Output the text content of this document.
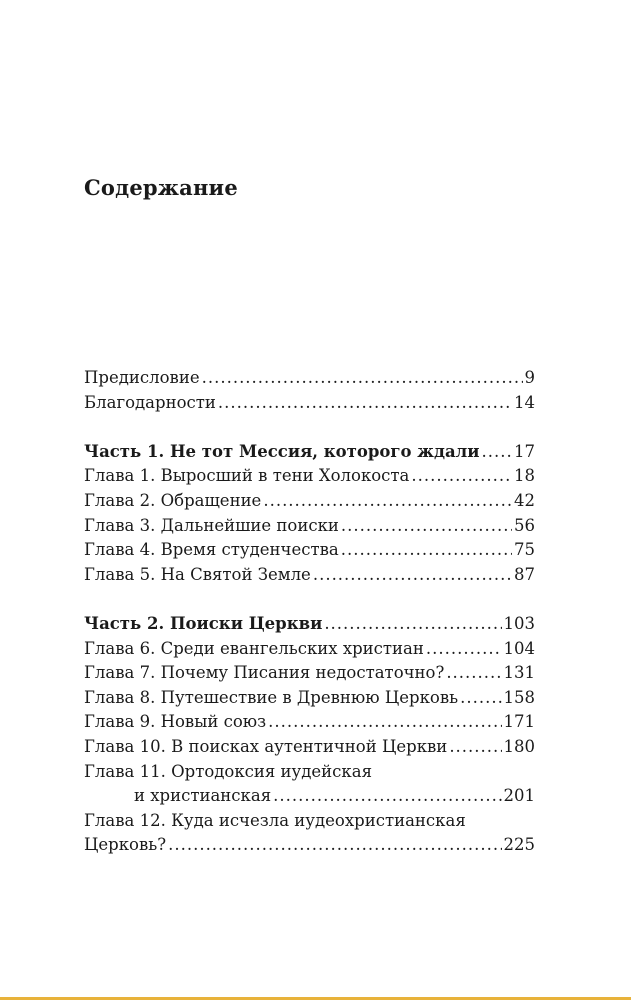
Содержание
Предисловие .....	9
Благодарности .....	14
Часть 1. Не тот Мессия, которого ждали ..... 17
Глава 1. Выросший в тени Холокоста .....	18
Глава 2. Обращение .....	42
Глава 3. Дальнейшие поиски .....	56
Глава 4. Время студенчества .....	75
Глава 5. На Святой Земле .....	87
Часть 2. Поиски Церкви .....	103
Глава 6. Среди евангельских христиан .....	104
Глава 7. Почему Писания недостаточно? .....	131
Глава 8. Путешествие в Древнюю Церковь .....	158
Глава 9. Новый союз .....	171
Глава 10. В поисках аутентичной Церкви .....	180
Глава 11. Ортодоксия иудейская
и христианская .....	201
Глава 12. Куда исчезла иудеохристианская
Церковь? .....	225
